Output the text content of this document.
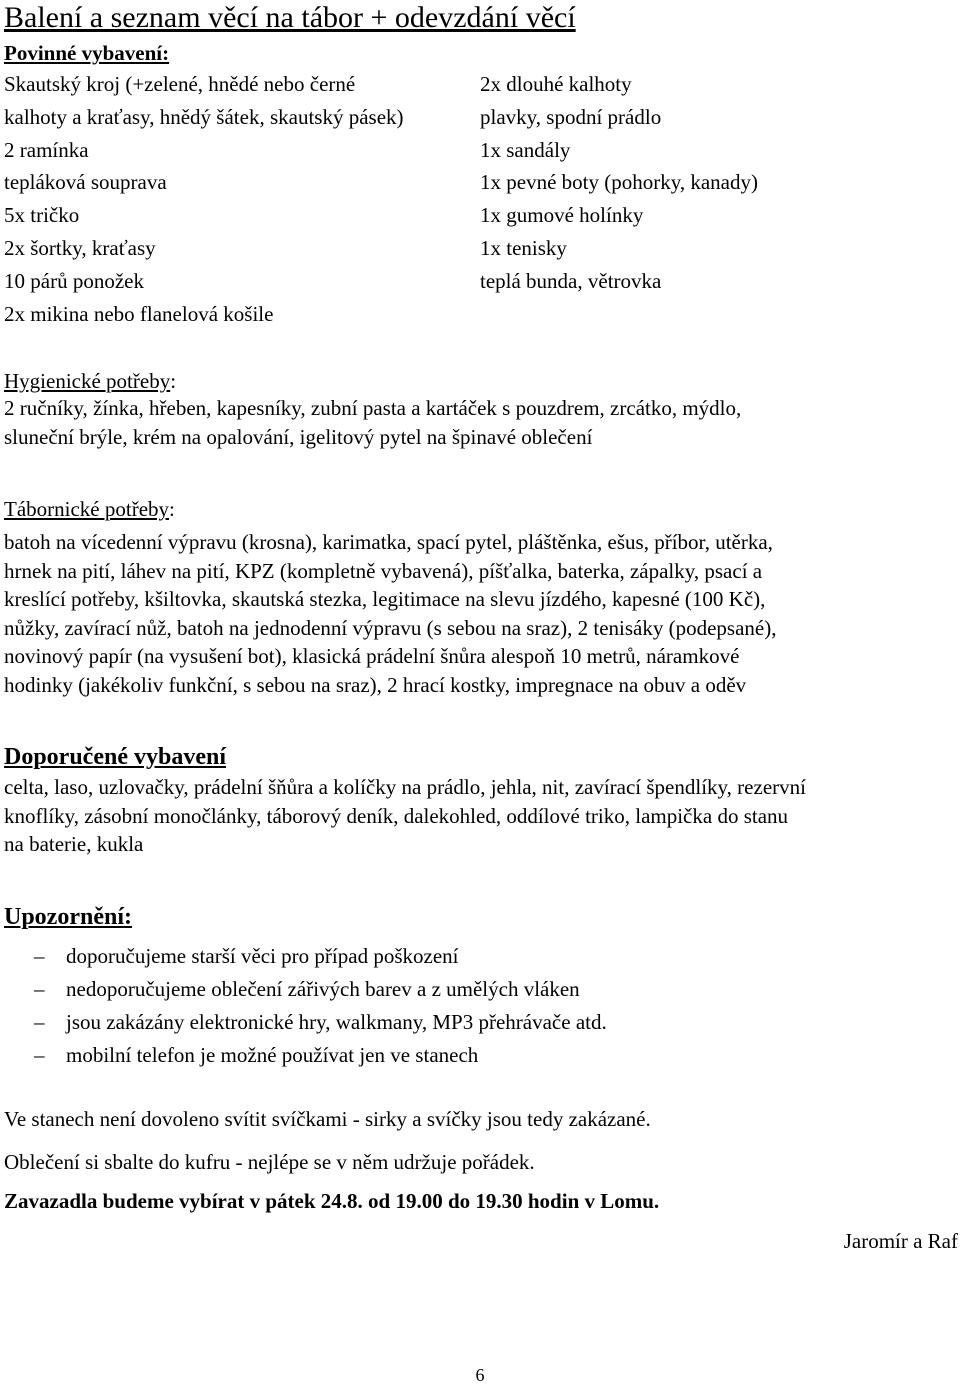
Balení a seznam věcí na tábor + odevzdání věcí
Povinné vybavení:
Skautský kroj (+zelené, hnědé nebo černé	2x dlouhé kalhoty
kalhoty a kraťasy, hnědý šátek, skautský pásek)	plavky, spodní prádlo
2 ramínka	1x sandály
tepláková souprava	1x pevné boty (pohorky, kanady)
5x tričko	1x gumové holínky
2x šortky, kraťasy	1x tenisky
10 párů ponožek	teplá bunda, větrovka
2x mikina nebo flanelová košile
Hygienické potřeby:
2 ručníky, žínka, hřeben, kapesníky, zubní pasta a kartáček s pouzdrem, zrcátko, mýdlo,
sluneční brýle, krém na opalování, igelitový pytel na špinavé oblečení
Tábornické potřeby:
batoh na vícedenní výpravu (krosna), karimatka, spací pytel, pláštěnka, ešus, příbor, utěrka,
hrnek na pití, láhev na pití, KPZ (kompletně vybavená), píšťalka, baterka, zápalky, psací a
kreslící potřeby, kšiltovka, skautská stezka, legitimace na slevu jízdého, kapesné (100 Kč),
nůžky, zavírací nůž, batoh na jednodenní výpravu (s sebou na sraz), 2 tenisáky (podepsané),
novinový papír (na vysušení bot), klasická prádelní šnůra alespoň 10 metrů, náramkové
hodinky (jakékoliv funkční, s sebou na sraz), 2 hrací kostky, impregnace na obuv a oděv
Doporučené vybavení
celta, laso, uzlovačky, prádelní šňůra a kolíčky na prádlo, jehla, nit, zavírací špendlíky, rezervní
knoflíky, zásobní monočlánky, táborový deník, dalekohled, oddílové triko, lampička do stanu
na baterie, kukla
Upozornění:
– doporučujeme starší věci pro případ poškození
– nedoporučujeme oblečení zářivých barev a z umělých vláken
– jsou zakázány elektronické hry, walkmany, MP3 přehrávače atd.
– mobilní telefon je možné používat jen ve stanech
Ve stanech není dovoleno svítit svíčkami - sirky a svíčky jsou tedy zakázané.
Oblečení si sbalte do kufru - nejlépe se v něm udržuje pořádek.
Zavazadla budeme vybírat v pátek 24.8. od 19.00 do 19.30 hodin v Lomu.
Jaromír a Raf
6
